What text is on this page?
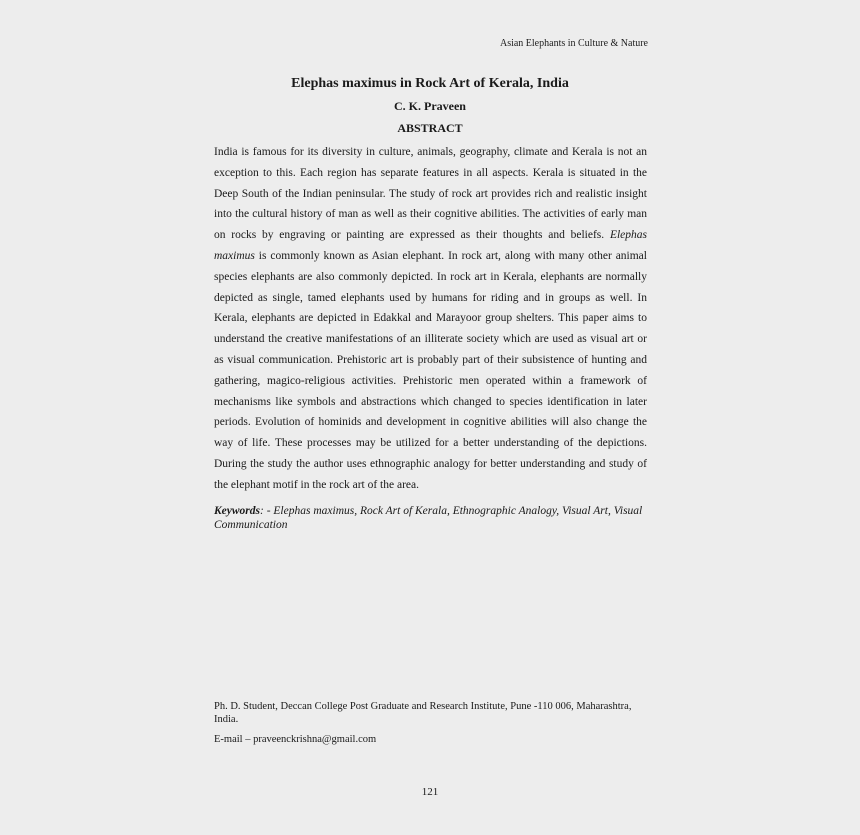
Asian Elephants in Culture & Nature
Elephas maximus in Rock Art of Kerala, India
C. K. Praveen
ABSTRACT

India is famous for its diversity in culture, animals, geography, climate and Kerala is not an exception to this. Each region has separate features in all aspects. Kerala is situated in the Deep South of the Indian peninsular. The study of rock art provides rich and realistic insight into the cultural history of man as well as their cognitive abilities. The activities of early man on rocks by engraving or painting are expressed as their thoughts and beliefs. Elephas maximus is commonly known as Asian elephant. In rock art, along with many other animal species elephants are also commonly depicted. In rock art in Kerala, elephants are normally depicted as single, tamed elephants used by humans for riding and in groups as well. In Kerala, elephants are depicted in Edakkal and Marayoor group shelters. This paper aims to understand the creative manifestations of an illiterate society which are used as visual art or as visual communication. Prehistoric art is probably part of their subsistence of hunting and gathering, magico-religious activities. Prehistoric men operated within a framework of mechanisms like symbols and abstractions which changed to species identification in later periods. Evolution of hominids and development in cognitive abilities will also change the way of life. These processes may be utilized for a better understanding of the depictions. During the study the author uses ethnographic analogy for better understanding and study of the elephant motif in the rock art of the area.

Keywords: - Elephas maximus, Rock Art of Kerala, Ethnographic Analogy, Visual Art, Visual Communication

Ph. D. Student, Deccan College Post Graduate and Research Institute, Pune -110 006, Maharashtra, India.

E-mail – praveenckrishna@gmail.com

121
